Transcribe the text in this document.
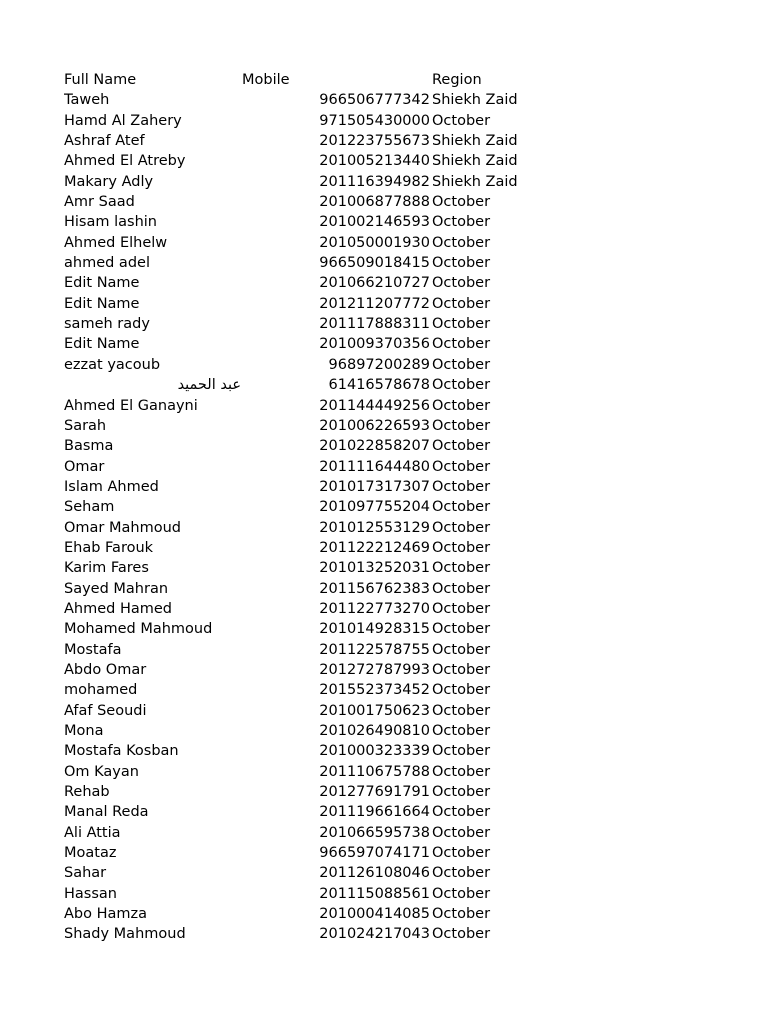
Full Name	Mobile	Region
Taweh	966506777342 Shiekh Zaid
Hamd Al Zahery	971505430000 October
Ashraf Atef	201223755673 Shiekh Zaid
Ahmed El Atreby	201005213440 Shiekh Zaid
Makary Adly	201116394982 Shiekh Zaid
Amr Saad	201006877888 October
Hisam lashin	201002146593 October
Ahmed Elhelw	201050001930 October
ahmed adel	966509018415 October
Edit Name	201066210727 October
Edit Name	201211207772 October
sameh rady	201117888311 October
Edit Name	201009370356 October
ezzat yacoub	96897200289 October
عبد الحميد	61416578678 October
Ahmed El Ganayni	201144449256 October
Sarah	201006226593 October
Basma	201022858207 October
Omar	201111644480 October
Islam Ahmed	201017317307 October
Seham	201097755204 October
Omar Mahmoud	201012553129 October
Ehab Farouk	201122212469 October
Karim Fares	201013252031 October
Sayed Mahran	201156762383 October
Ahmed Hamed	201122773270 October
Mohamed Mahmoud	201014928315 October
Mostafa	201122578755 October
Abdo Omar	201272787993 October
mohamed	201552373452 October
Afaf Seoudi	201001750623 October
Mona	201026490810 October
Mostafa Kosban	201000323339 October
Om Kayan	201110675788 October
Rehab	201277691791 October
Manal Reda	201119661664 October
Ali Attia	201066595738 October
Moataz	966597074171 October
Sahar	201126108046 October
Hassan	201115088561 October
Abo Hamza	201000414085 October
Shady Mahmoud	201024217043 October
